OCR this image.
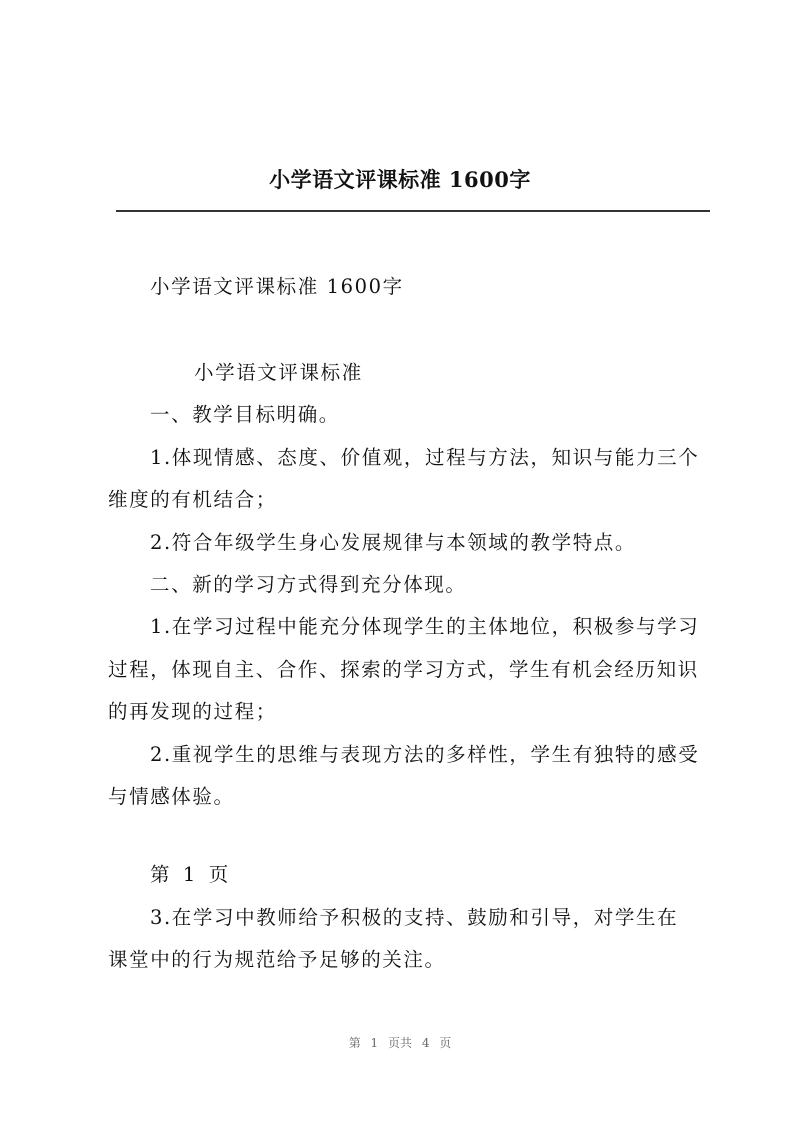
小学语文评课标准 1600字
小学语文评课标准 1600字
小学语文评课标准
一、教学目标明确。
1.体现情感、态度、价值观，过程与方法，知识与能力三个
维度的有机结合；
2.符合年级学生身心发展规律与本领域的教学特点。
二、新的学习方式得到充分体现。
1.在学习过程中能充分体现学生的主体地位，积极参与学习
过程，体现自主、合作、探索的学习方式，学生有机会经历知识
的再发现的过程；
2.重视学生的思维与表现方法的多样性，学生有独特的感受
与情感体验。
第 1 页
3.在学习中教师给予积极的支持、鼓励和引导，对学生在
课堂中的行为规范给予足够的关注。
第 1 页共 4 页
